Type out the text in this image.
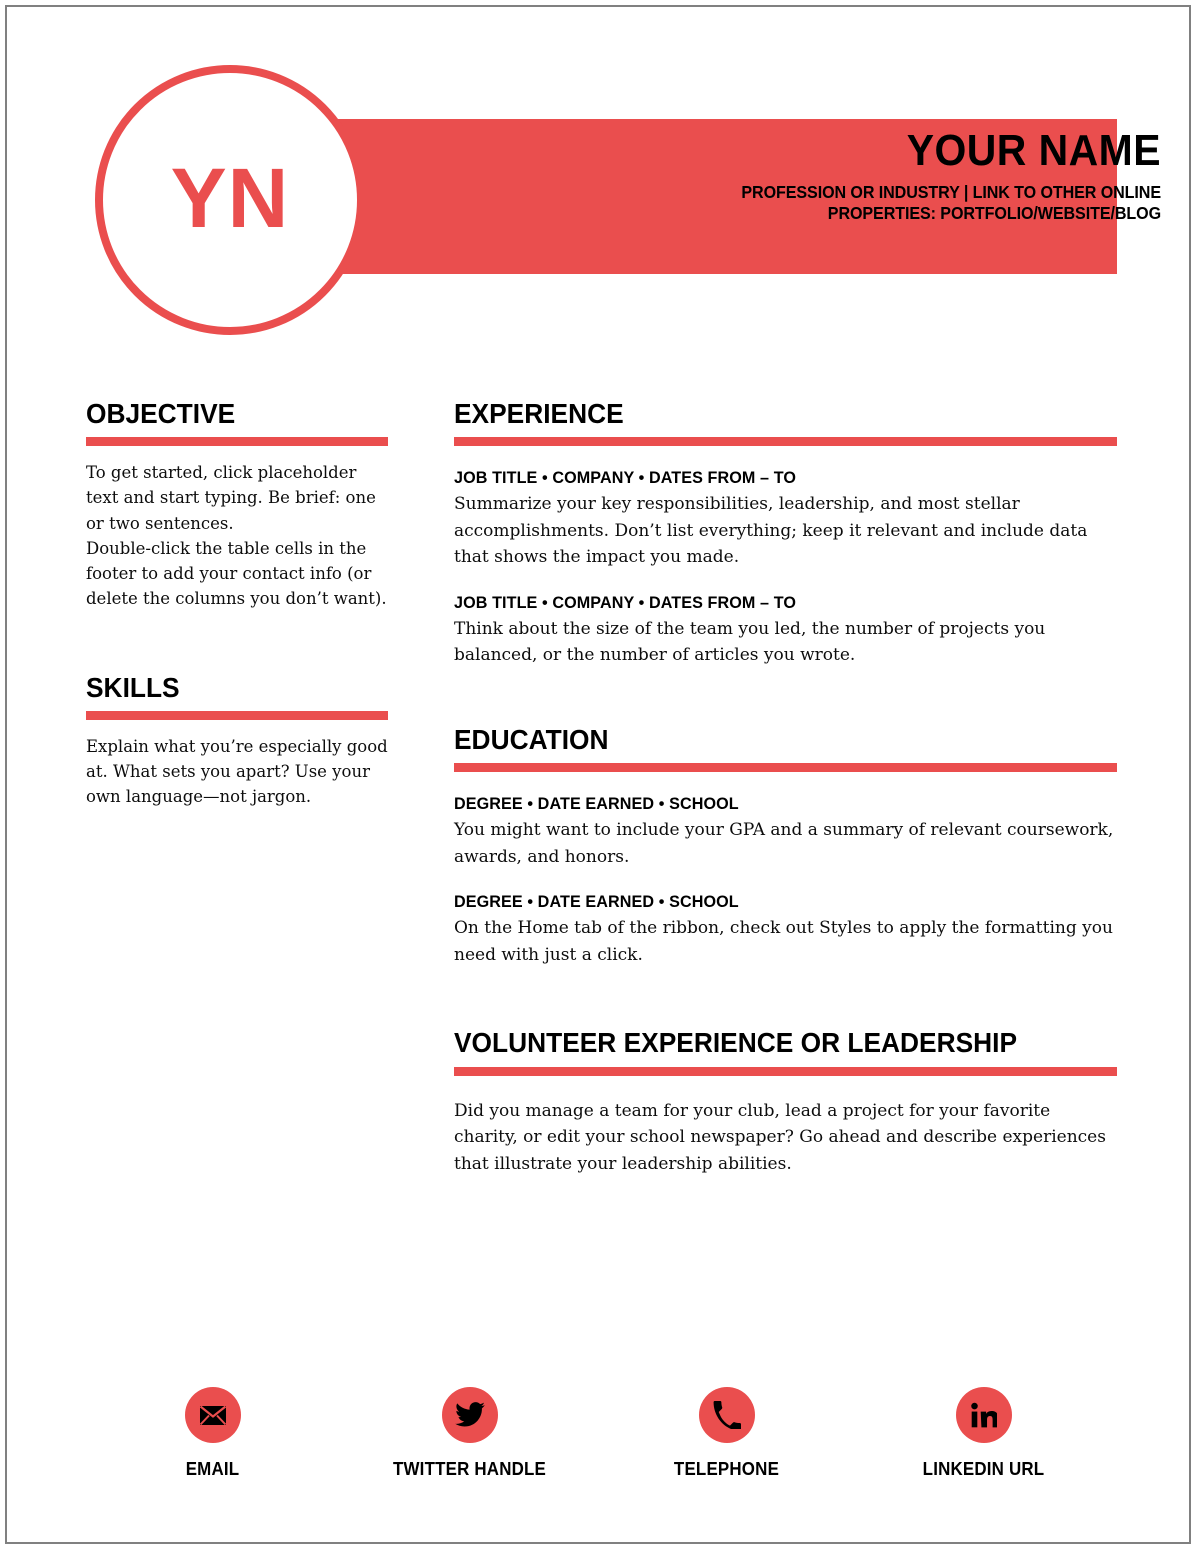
YN
YOUR NAME
PROFESSION OR INDUSTRY | LINK TO OTHER ONLINE
PROPERTIES: PORTFOLIO/WEBSITE/BLOG
OBJECTIVE
To get started, click placeholder text and start typing. Be brief: one or two sentences.
Double-click the table cells in the footer to add your contact info (or delete the columns you don’t want).
SKILLS
Explain what you’re especially good at. What sets you apart? Use your own language—not jargon.
EXPERIENCE
JOB TITLE • COMPANY • DATES FROM – TO
Summarize your key responsibilities, leadership, and most stellar accomplishments. Don’t list everything; keep it relevant and include data that shows the impact you made.
JOB TITLE • COMPANY • DATES FROM – TO
Think about the size of the team you led, the number of projects you balanced, or the number of articles you wrote.
EDUCATION
DEGREE • DATE EARNED • SCHOOL
You might want to include your GPA and a summary of relevant coursework, awards, and honors.
DEGREE • DATE EARNED • SCHOOL
On the Home tab of the ribbon, check out Styles to apply the formatting you need with just a click.
VOLUNTEER EXPERIENCE OR LEADERSHIP
Did you manage a team for your club, lead a project for your favorite charity, or edit your school newspaper? Go ahead and describe experiences that illustrate your leadership abilities.
EMAIL	TWITTER HANDLE	TELEPHONE	LINKEDIN URL
